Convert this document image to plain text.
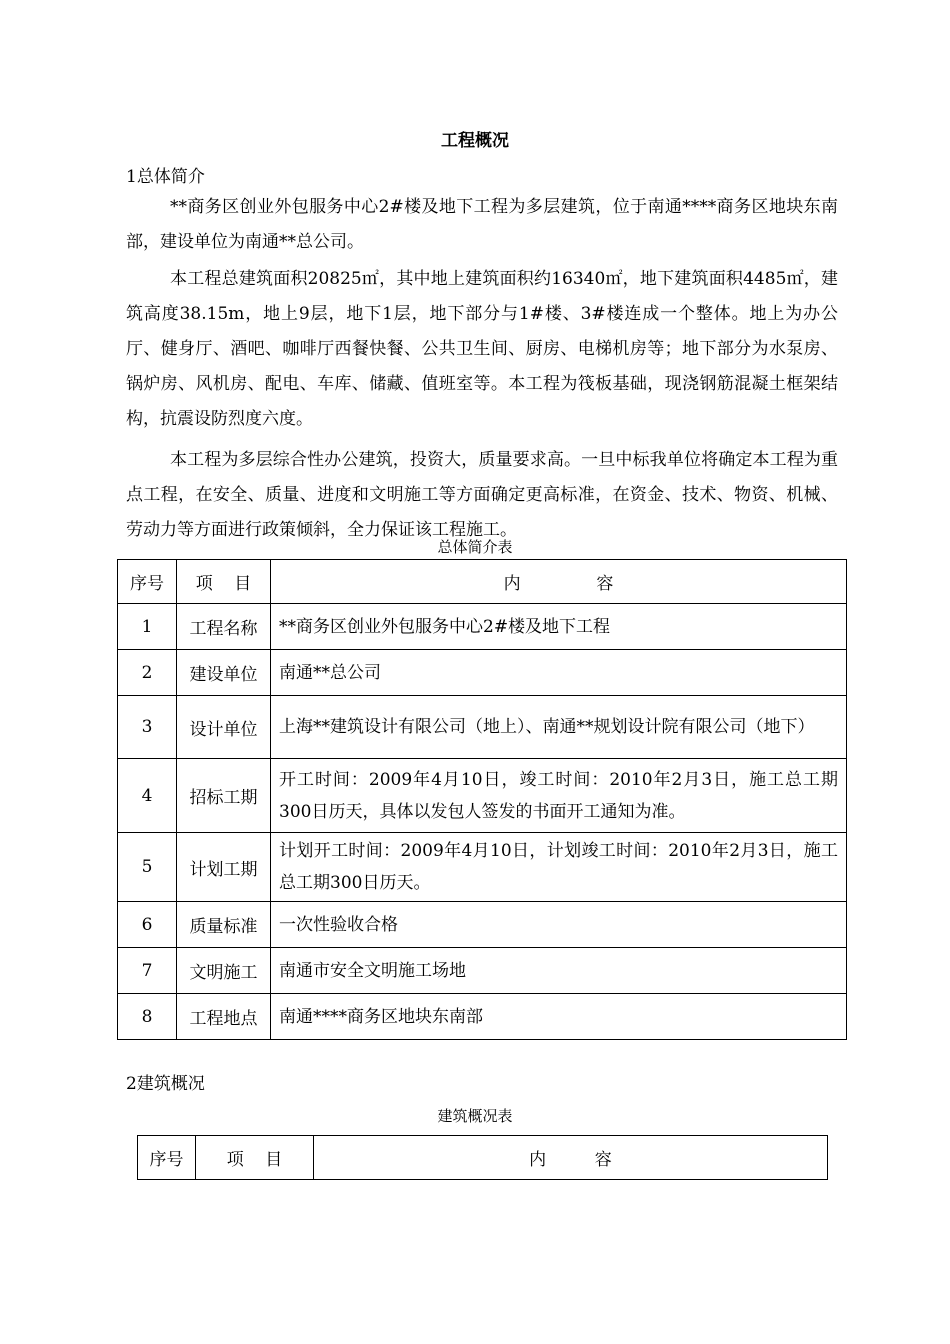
工程概况
1总体简介
**商务区创业外包服务中心2#楼及地下工程为多层建筑，位于南通****商务区地块东南部，建设单位为南通**总公司。
本工程总建筑面积20825㎡，其中地上建筑面积约16340㎡，地下建筑面积4485㎡，建筑高度38.15m，地上9层，地下1层，地下部分与1#楼、3#楼连成一个整体。地上为办公厅、健身厅、酒吧、咖啡厅西餐快餐、公共卫生间、厨房、电梯机房等；地下部分为水泵房、锅炉房、风机房、配电、车库、储藏、值班室等。本工程为筏板基础，现浇钢筋混凝土框架结构，抗震设防烈度六度。
本工程为多层综合性办公建筑，投资大，质量要求高。一旦中标我单位将确定本工程为重点工程，在安全、质量、进度和文明施工等方面确定更高标准，在资金、技术、物资、机械、劳动力等方面进行政策倾斜，全力保证该工程施工。
总体简介表
序号	项    目	内              容
1	工程名称	**商务区创业外包服务中心2#楼及地下工程
2	建设单位	南通**总公司
3	设计单位	上海**建筑设计有限公司（地上）、南通**规划设计院有限公司（地下）
4	招标工期	开工时间：2009年4月10日，竣工时间：2010年2月3日，施工总工期300日历天，具体以发包人签发的书面开工通知为准。
5	计划工期	计划开工时间：2009年4月10日，计划竣工时间：2010年2月3日，施工总工期300日历天。
6	质量标准	一次性验收合格
7	文明施工	南通市安全文明施工场地
8	工程地点	南通****商务区地块东南部
2建筑概况
建筑概况表
序号	项    目	内         容
